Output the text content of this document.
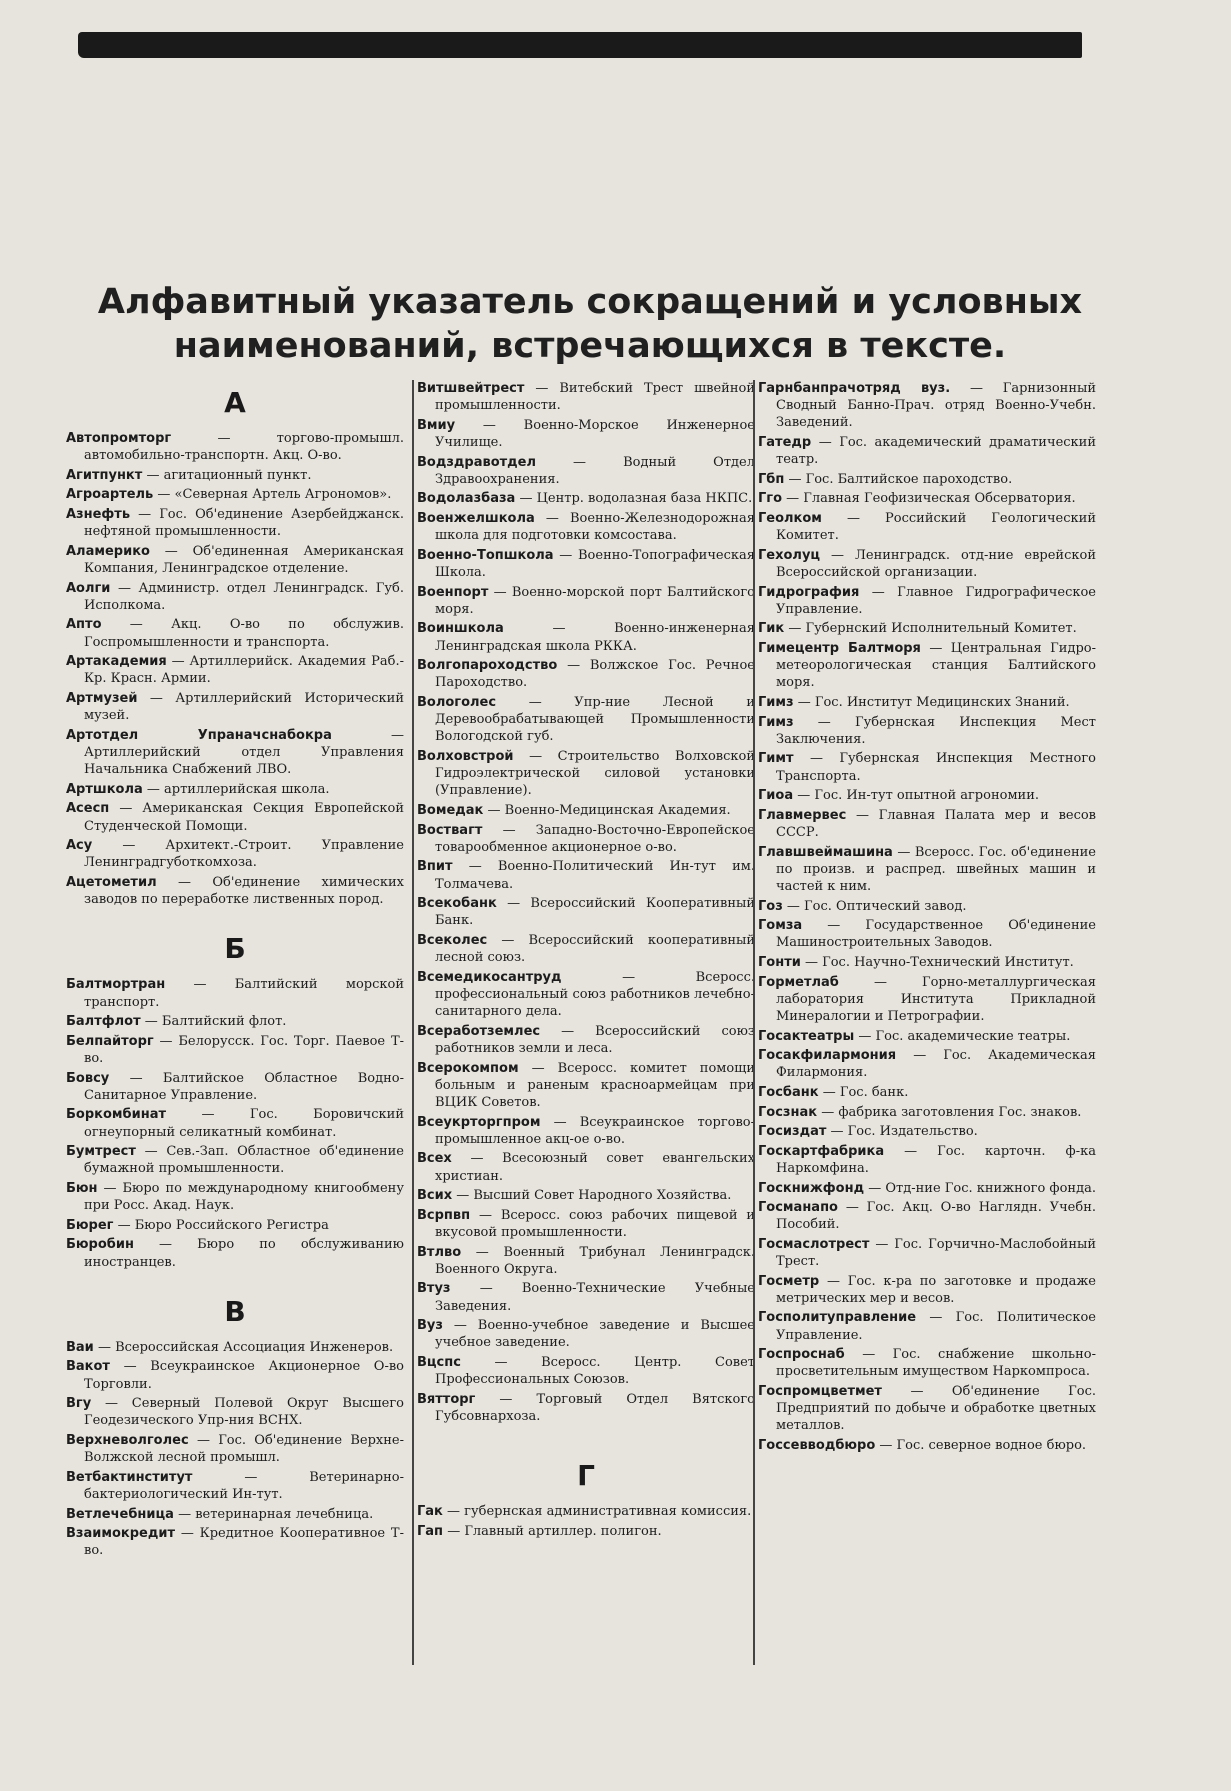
Алфавитный указатель сокращений и условных
наименований, встречающихся в тексте.
А

Автопромторг	— торгово-промышл. автомобильно-транспортн. Акц. О-во.

Агитпункт — агитационный пункт.

Агроартель — «Северная Артель Агрономов».

Азнефть — Гос. Об'единение Азербейджанск. нефтяной промышленности.

Аламерико — Об'единенная Американская Компания, Ленинградское отделение.

Аолги — Администр. отдел Ленинградск. Губ. Исполкома.

Апто — Акц. О-во по обслужив. Госпромышленности и транспорта.

Артакадемия — Артиллерийск. Академия Раб.-Кр. Красн. Армии.

Артмузей — Артиллерийский Исторический музей.

Артотдел Упраначснабокра	— Артиллерийский отдел Управления Начальника Снабжений ЛВО.

Артшкола — артиллерийская школа.

Асесп — Американская Секция Европейской Студенческой Помощи.

Асу — Архитект.-Строит. Управление Ленинградгуботкомхоза.

Ацетометил — Об'единение химических заводов по переработке лиственных пород.

Б

Балтмортран — Балтийский морской транспорт.

Балтфлот — Балтийский флот.

Белпайторг — Белорусск. Гос. Торг. Паевое Т-во.

Бовсу — Балтийское Областное Водно-Санитарное Управление.

Боркомбинат	— Гос. Боровичский огнеупорный селикатный комбинат.

Бумтрест — Сев.-Зап. Областное об'единение бумажной промышленности.

Бюн — Бюро по международному книгообмену при Росс. Акад. Наук.

Бюрег — Бюро Российского Регистра

Бюробин — Бюро по обслуживанию иностранцев.

В

Ваи — Всероссийская Ассоциация Инженеров.

Вакот — Всеукраинское Акционерное О-во Торговли.

Вгу — Северный Полевой Округ Высшего Геодезического Упр-ния ВСНХ.

Верхневолголес — Гос. Об'единение Верхне-Волжской лесной промышл.

Ветбактинститут	— Ветеринарно-бактериологический Ин-тут.

Ветлечебница — ветеринарная лечебница.

Взаимокредит — Кредитное Кооперативное Т-во.

Витшвейтрест — Витебский Трест швейной промышленности.

Вмиу — Военно-Морское Инженерное Училище.

Водздравотдел	— Водный Отдел Здравоохранения.

Водолазбаза — Центр. водолазная база НКПС.

Военжелшкола — Военно-Железнодорожная школа для подготовки комсостава.

Военно-Топшкола — Военно-Топографическая Школа.

Военпорт — Военно-морской порт Балтийского моря.

Воиншкола	— Военно-инженерная Ленинградская школа РККА.

Волгопароходство — Волжское Гос. Речное Пароходство.

Вологолес	— Упр-ние Лесной и Деревообрабатывающей Промышленности Вологодской губ.

Волховстрой — Строительство Волховской Гидроэлектрической силовой установки (Управление).

Вомедак — Военно-Медицинская Академия.

Воствагт — Западно-Восточно-Европейское товарообменное акционерное о-во.

Впит — Военно-Политический Ин-тут им. Толмачева.

Всекобанк — Всероссийский Кооперативный Банк.

Всеколес — Всероссийский кооперативный лесной союз.

Всемедикосантруд	— Всеросс. профессиональный союз работников лечебно-санитарного дела.

Всеработземлес — Всероссийский союз работников земли и леса.

Всерокомпом — Всеросс. комитет помощи больным и раненым красноармейцам при ВЦИК Советов.

Всеукрторгпром — Всеукраинское торгово-промышленное акц-ое о-во.

Всех — Всесоюзный совет евангельских христиан.

Всих — Высший Совет Народного Хозяйства.

Всрпвп — Всеросс. союз рабочих пищевой и вкусовой промышленности.

Втлво — Военный Трибунал Ленинградск. Военного Округа.

Втуз — Военно-Технические Учебные Заведения.

Вуз — Военно-учебное заведение и Высшее учебное заведение.

Вцспс	— Всеросс. Центр. Совет Профессиональных Союзов.

Вятторг — Торговый Отдел Вятского Губсовнархоза.

Г

Гак — губернская административная комиссия.

Гап — Главный артиллер. полигон.

Гарнбанпрачотряд вуз. — Гарнизонный Сводный Банно-Прач. отряд Военно-Учебн. Заведений.

Гатедр — Гос. академический драматический театр.

Гбп — Гос. Балтийское пароходство.

Гго — Главная Геофизическая Обсерватория.

Геолком — Российский Геологический Комитет.

Гехолуц — Ленинградск. отд-ние еврейской Всероссийской организации.

Гидрография — Главное Гидрографическое Управление.

Гик — Губернский Исполнительный Комитет.

Гимецентр Балтморя — Центральная Гидро-метеорологическая станция Балтийского моря.

Гимз — Гос. Институт Медицинских Знаний.

Гимз — Губернская Инспекция Мест Заключения.

Гимт — Губернская Инспекция Местного Транспорта.

Гиоа — Гос. Ин-тут опытной агрономии.

Главмервес — Главная Палата мер и весов СССР.

Главшвеймашина — Всеросс. Гос. об'единение по произв. и распред. швейных машин и частей к ним.

Гоз — Гос. Оптический завод.

Гомза — Государственное Об'единение Машиностроительных Заводов.

Гонти — Гос. Научно-Технический Институт.

Горметлаб	— Горно-металлургическая лаборатория Института Прикладной Минералогии и Петрографии.

Госактеатры — Гос. академические театры.

Госакфилармония — Гос. Академическая Филармония.

Госбанк — Гос. банк.

Госзнак — фабрика заготовления Гос. знаков.

Госиздат — Гос. Издательство.

Госкартфабрика — Гос. карточн. ф-ка Наркомфина.

Госкнижфонд — Отд-ние Гос. книжного фонда.

Госманапо — Гос. Акц. О-во Наглядн. Учебн. Пособий.

Госмаслотрест — Гос. Горчично-Маслобойный Трест.

Госметр — Гос. к-ра по заготовке и продаже метрических мер и весов.

Госполитуправление — Гос. Политическое Управление.

Госпроснаб — Гос. снабжение школьно-просветительным имуществом Наркомпроса.

Госпромцветмет — Об'единение Гос. Предприятий по добыче и обработке цветных металлов.

Госсевводбюро — Гос. северное водное бюро.
